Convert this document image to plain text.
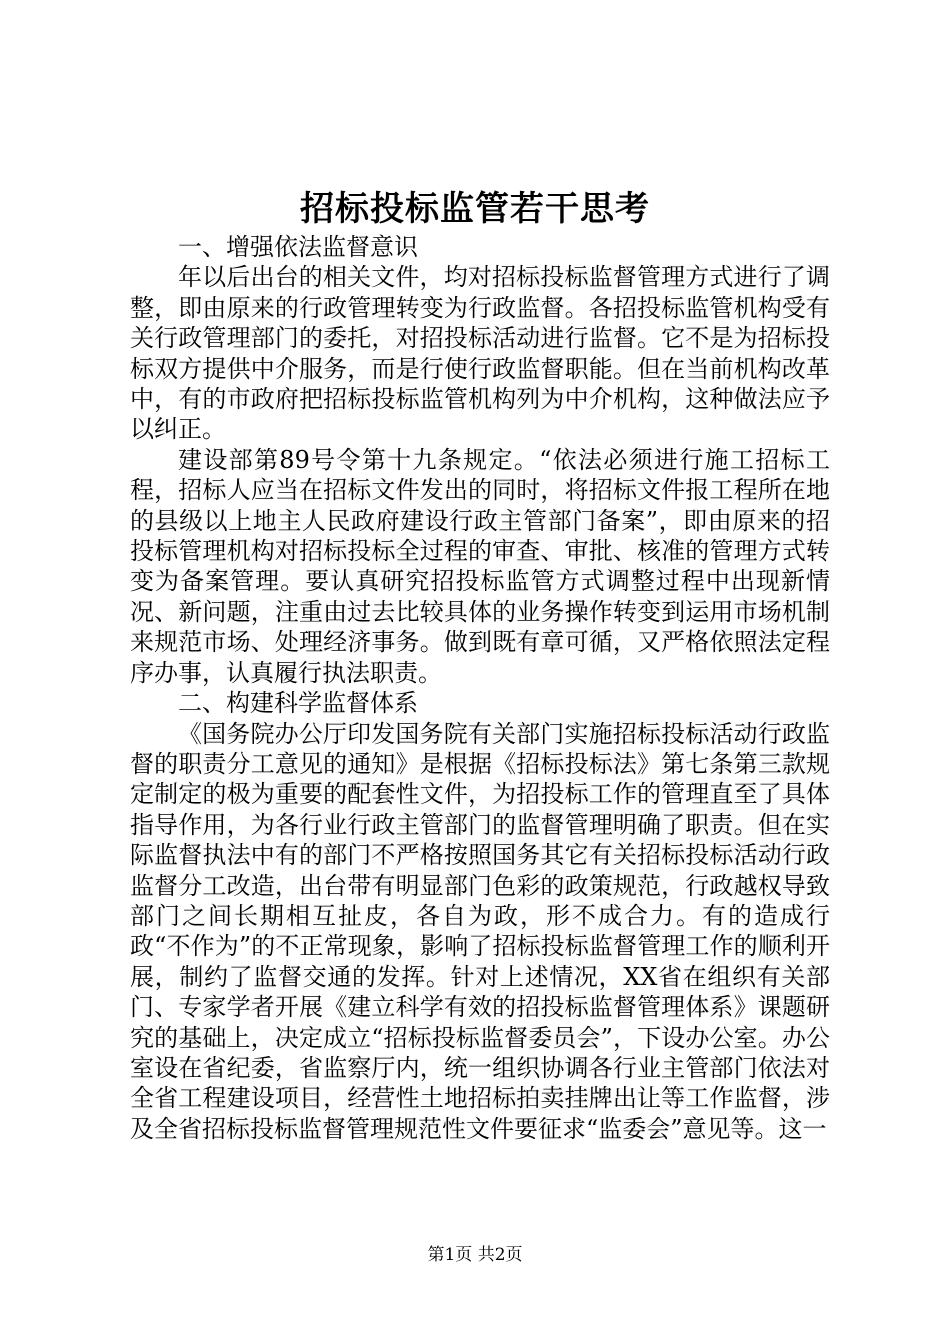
招标投标监管若干思考

一、增强依法监督意识

年以后出台的相关文件，均对招标投标监督管理方式进行了调整，即由原来的行政管理转变为行政监督。各招投标监管机构受有关行政管理部门的委托，对招投标活动进行监督。它不是为招标投标双方提供中介服务，而是行使行政监督职能。但在当前机构改革中，有的市政府把招标投标监管机构列为中介机构，这种做法应予以纠正。

建设部第89号令第十九条规定。“依法必须进行施工招标工程，招标人应当在招标文件发出的同时，将招标文件报工程所在地的县级以上地主人民政府建设行政主管部门备案”，即由原来的招投标管理机构对招标投标全过程的审查、审批、核准的管理方式转变为备案管理。要认真研究招投标监管方式调整过程中出现新情况、新问题，注重由过去比较具体的业务操作转变到运用市场机制来规范市场、处理经济事务。做到既有章可循，又严格依照法定程序办事，认真履行执法职责。

二、构建科学监督体系

《国务院办公厅印发国务院有关部门实施招标投标活动行政监督的职责分工意见的通知》是根据《招标投标法》第七条第三款规定制定的极为重要的配套性文件，为招投标工作的管理直至了具体指导作用，为各行业行政主管部门的监督管理明确了职责。但在实际监督执法中有的部门不严格按照国务其它有关招标投标活动行政监督分工改造，出台带有明显部门色彩的政策规范，行政越权导致部门之间长期相互扯皮，各自为政，形不成合力。有的造成行政“不作为”的不正常现象，影响了招标投标监督管理工作的顺利开展，制约了监督交通的发挥。针对上述情况，XX省在组织有关部门、专家学者开展《建立科学有效的招投标监督管理体系》课题研究的基础上，决定成立“招标投标监督委员会”，下设办公室。办公室设在省纪委，省监察厅内，统一组织协调各行业主管部门依法对全省工程建设项目，经营性土地招标拍卖挂牌出让等工作监督，涉及全省招标投标监督管理规范性文件要征求“监委会”意见等。这一

第1页 共2页
